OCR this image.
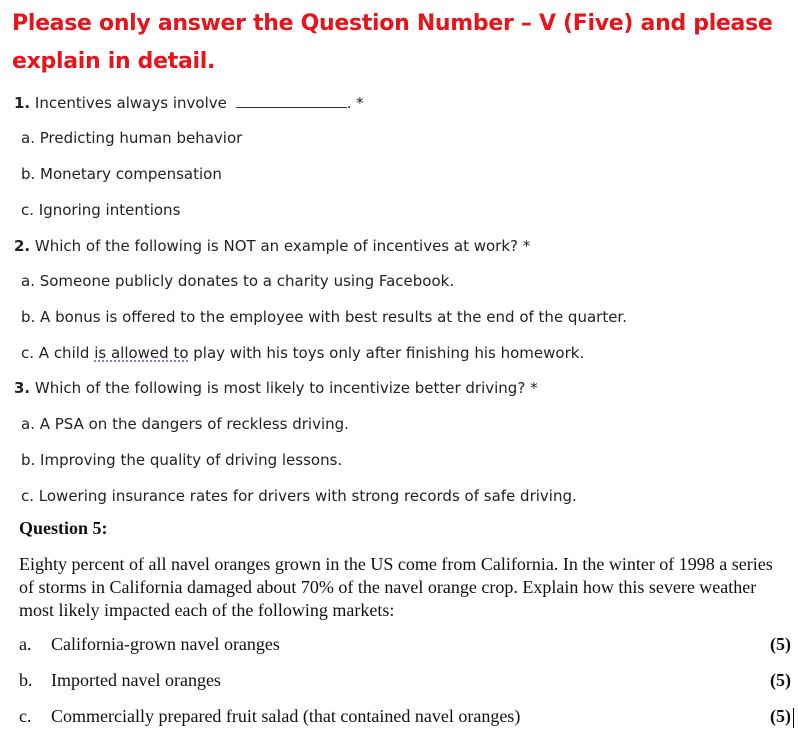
Please only answer the Question Number – V (Five) and please explain in detail.
1. Incentives always involve	. *
a. Predicting human behavior
b. Monetary compensation
c. Ignoring intentions
2. Which of the following is NOT an example of incentives at work? *
a. Someone publicly donates to a charity using Facebook.
b. A bonus is offered to the employee with best results at the end of the quarter.
c. A child is allowed to play with his toys only after finishing his homework.
3. Which of the following is most likely to incentivize better driving? *
a. A PSA on the dangers of reckless driving.
b. Improving the quality of driving lessons.
c. Lowering insurance rates for drivers with strong records of safe driving.
Question 5:
Eighty percent of all navel oranges grown in the US come from California. In the winter of 1998 a series of storms in California damaged about 70% of the navel orange crop. Explain how this severe weather most likely impacted each of the following markets:
a. California-grown navel oranges	(5)
b. Imported navel oranges	(5)
c. Commercially prepared fruit salad (that contained navel oranges)	(5)
